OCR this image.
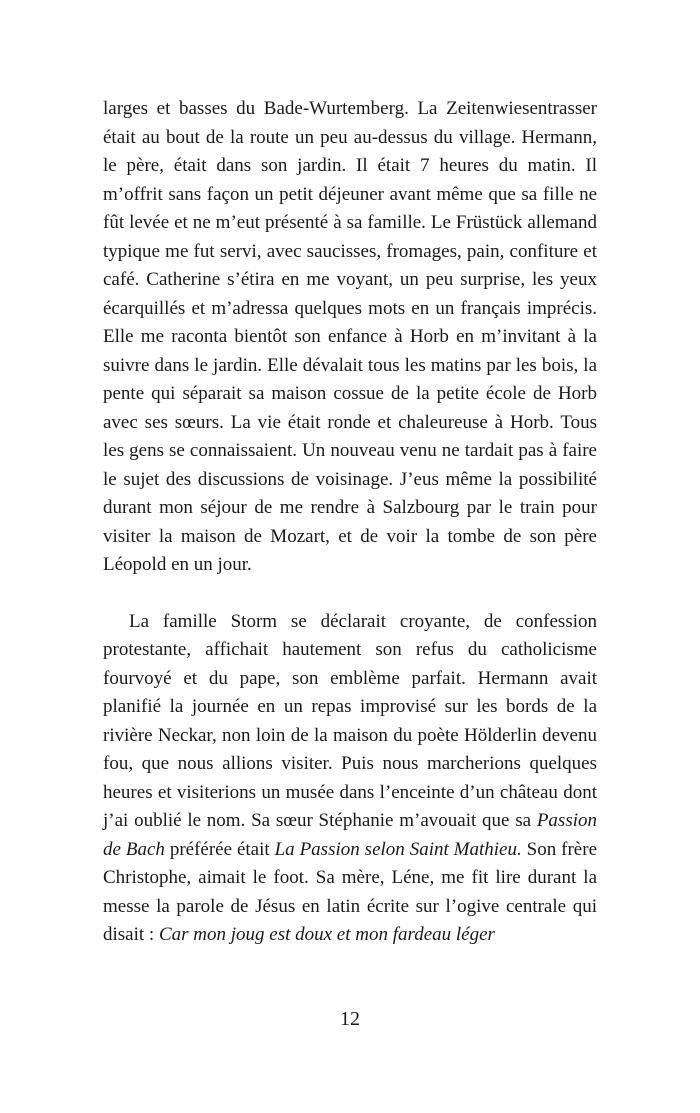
larges et basses du Bade-Wurtemberg. La Zeitenwiesentrasser était au bout de la route un peu au-dessus du village. Hermann, le père, était dans son jardin. Il était 7 heures du matin. Il m’offrit sans façon un petit déjeuner avant même que sa fille ne fût levée et ne m’eut présenté à sa famille. Le Früstück allemand typique me fut servi, avec saucisses, fromages, pain, confiture et café. Catherine s’étira en me voyant, un peu surprise, les yeux écarquillés et m’adressa quelques mots en un français imprécis. Elle me raconta bientôt son enfance à Horb en m’invitant à la suivre dans le jardin. Elle dévalait tous les matins par les bois, la pente qui séparait sa maison cossue de la petite école de Horb avec ses sœurs. La vie était ronde et chaleureuse à Horb. Tous les gens se connaissaient. Un nouveau venu ne tardait pas à faire le sujet des discussions de voisinage. J’eus même la possibilité durant mon séjour de me rendre à Salzbourg par le train pour visiter la maison de Mozart, et de voir la tombe de son père Léopold en un jour.

La famille Storm se déclarait croyante, de confession protestante, affichait hautement son refus du catholicisme fourvoyé et du pape, son emblème parfait. Hermann avait planifié la journée en un repas improvisé sur les bords de la rivière Neckar, non loin de la maison du poète Hölderlin devenu fou, que nous allions visiter. Puis nous marcherions quelques heures et visiterions un musée dans l’enceinte d’un château dont j’ai oublié le nom. Sa sœur Stéphanie m’avouait que sa Passion de Bach préférée était La Passion selon Saint Mathieu. Son frère Christophe, aimait le foot. Sa mère, Léne, me fit lire durant la messe la parole de Jésus en latin écrite sur l’ogive centrale qui disait : Car mon joug est doux et mon fardeau léger

12
